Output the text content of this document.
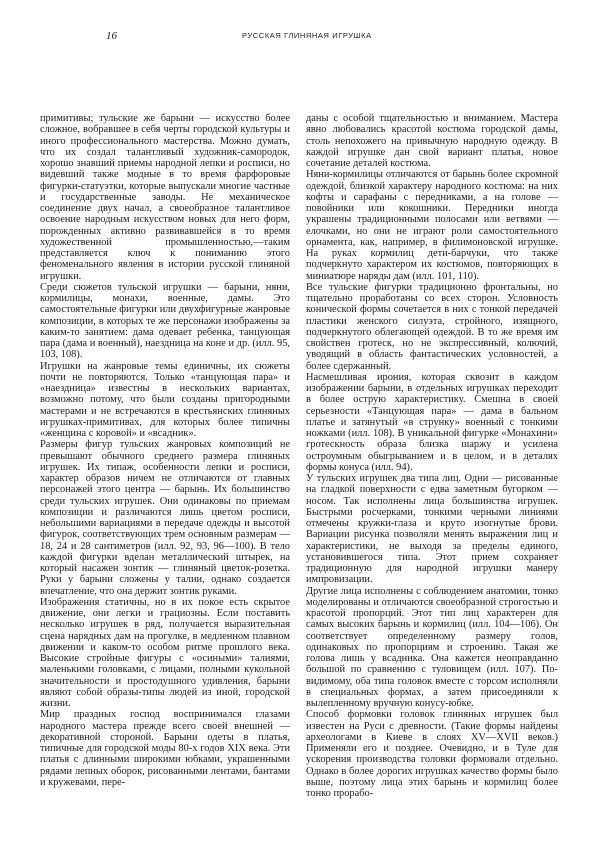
16	РУССКАЯ ГЛИНЯНАЯ ИГРУШКА

примитивы; тульские же барыни — искусство более сложное, вобравшее в себя черты городской культуры и иного профессионального мастерства. Можно думать, что их создал талантливый художник-самородок, хорошо знавший приемы народной лепки и росписи, но видевший также модные в то время фарфоровые фигурки-статуэтки, которые выпускали многие частные и государственные заводы. Не механическое соединение двух начал, а своеобразное талантливое освоение народным искусством новых для него форм, порожденных активно развивавшейся в то время художественной промышленностью,—таким представляется ключ к пониманию этого феноменального явления в истории русской глиняной игрушки.

Среди сюжетов тульской игрушки — барыни, няни, кормилицы, монахи, военные, дамы. Это самостоятельные фигурки или двухфигурные жанровые композиции, в которых те же персонажи изображены за каким-то занятием: дама одевает ребенка, танцующая пара (дама и военный), наездница на коне и др. (илл. 95, 103, 108).

Игрушки на жанровые темы единичны, их сюжеты почти не повторяются. Только «танцующая пара» и «наездница» известны в нескольких вариантах, возможно потому, что были созданы пригородными мастерами и не встречаются в крестьянских глиняных игрушках-примитивах, для которых более типичны «женщина с коровой» и «всадник».

Размеры фигур тульских жанровых композиций не превышают обычного среднего размера глиняных игрушек. Их типаж, особенности лепки и росписи, характер образов ничем не отличаются от главных персонажей этого центра — барынь. Их большинство среди тульских игрушек. Они одинаковы по приемам композиции и различаются лишь цветом росписи, небольшими вариациями в передаче одежды и высотой фигурок, соответствующих трем основным размерам — 18, 24 и 28 сантиметров (илл. 92, 93, 96—100). В тело каждой фигурки вделан металлический штырек, на который насажен зонтик — глиняный цветок-розетка. Руки у барыни сложены у талии, однако создается впечатление, что она держит зонтик руками.

Изображения статичны, но в их покое есть скрытое движение, они легки и грациозны. Если поставить несколько игрушек в ряд, получается выразительная сцена нарядных дам на прогулке, в медленном плавном движении и каком-то особом ритме прошлого века. Высокие стройные фигуры с «осиными» талиями, маленькими головками, с лицами, полными кукольной значительности и простодушного удивления, барыни являют собой образы-типы людей из иной, городской жизни.

Мир праздных господ воспринимался глазами народного мастера прежде всего своей внешней — декоративной стороной. Барыни одеты в платья, типичные для городской моды 80-х годов XIX века. Эти платья с длинными широкими юбками, украшенными рядами лепных оборок, рисованными лентами, бантами и кружевами, пере-

даны с особой тщательностью и вниманием. Мастера явно любовались красотой костюма городской дамы, столь непохожего на привычную народную одежду. В каждой игрушке дан свой вариант платья, новое сочетание деталей костюма.

Няни-кормилицы отличаются от барынь более скромной одеждой, близкой характеру народного костюма: на них кофты и сарафаны с передниками, а на голове — повойники или кокошники. Передники иногда украшены традиционными полосами или ветвями — елочками, но они не играют роли самостоятельного орнамента, как, например, в филимоновской игрушке. На руках кормилиц дети-барчуки, что также подчеркнуто характером их костюмов, повторяющих в миниатюре наряды дам (илл. 101, 110).

Все тульские фигурки традиционно фронтальны, но тщательно проработаны со всех сторон. Условность конической формы сочетается в них с тонкой передачей пластики женского силуэта, стройного, изящного, подчеркнутого облегающей одеждой. В то же время им свойствен гротеск, но не экспрессивный, колючий, уводящий в область фантастических условностей, а более сдержанный.

Насмешливая ирония, которая сквозит в каждом изображении барыни, в отдельных игрушках переходит в более острую характеристику. Смешна в своей серьезности «Танцующая пара» — дама в бальном платье и затянутый «в струнку» военный с тонкими ножками (илл. 108). В уникальной фигурке «Монахини» гротескность образа близка шаржу и усилена остроумным обыгрыванием и в целом, и в деталях формы конуса (илл. 94).

У тульских игрушек два типа лиц. Одни — рисованные на гладкой поверхности с едва заметным бугорком — носом. Так исполнены лица большинства игрушек. Быстрыми росчерками, тонкими черными линиями отмечены кружки-глаза и круто изогнутые брови. Вариации рисунка позволяли менять выражения лиц и характеристики, не выходя за пределы единого, установившегося типа. Этот прием сохраняет традиционную для народной игрушки манеру импровизации.

Другие лица исполнены с соблюдением анатомии, тонко моделированы и отличаются своеобразной строгостью и красотой пропорций. Этот тип лиц характерен для самых высоких барынь и кормилиц (илл. 104—106). Он соответствует определенному размеру голов, одинаковых по пропорциям и строению. Такая же голова лишь у всадника. Она кажется неоправданно большой по сравнению с туловищем (илл. 107). По-видимому, оба типа головок вместе с торсом исполняли в специальных формах, а затем присоединяли к вылепленному вручную конусу-юбке.

Способ формовки головок глиняных игрушек был известен на Руси с древности. (Такие формы найдены археологами в Киеве в слоях XV—XVII веков.) Применяли его и позднее. Очевидно, и в Туле для ускорения производства головки формовали отдельно. Однако в более дорогих игрушках качество формы было выше, поэтому лица этих барынь и кормилиц более тонко прорабо-
